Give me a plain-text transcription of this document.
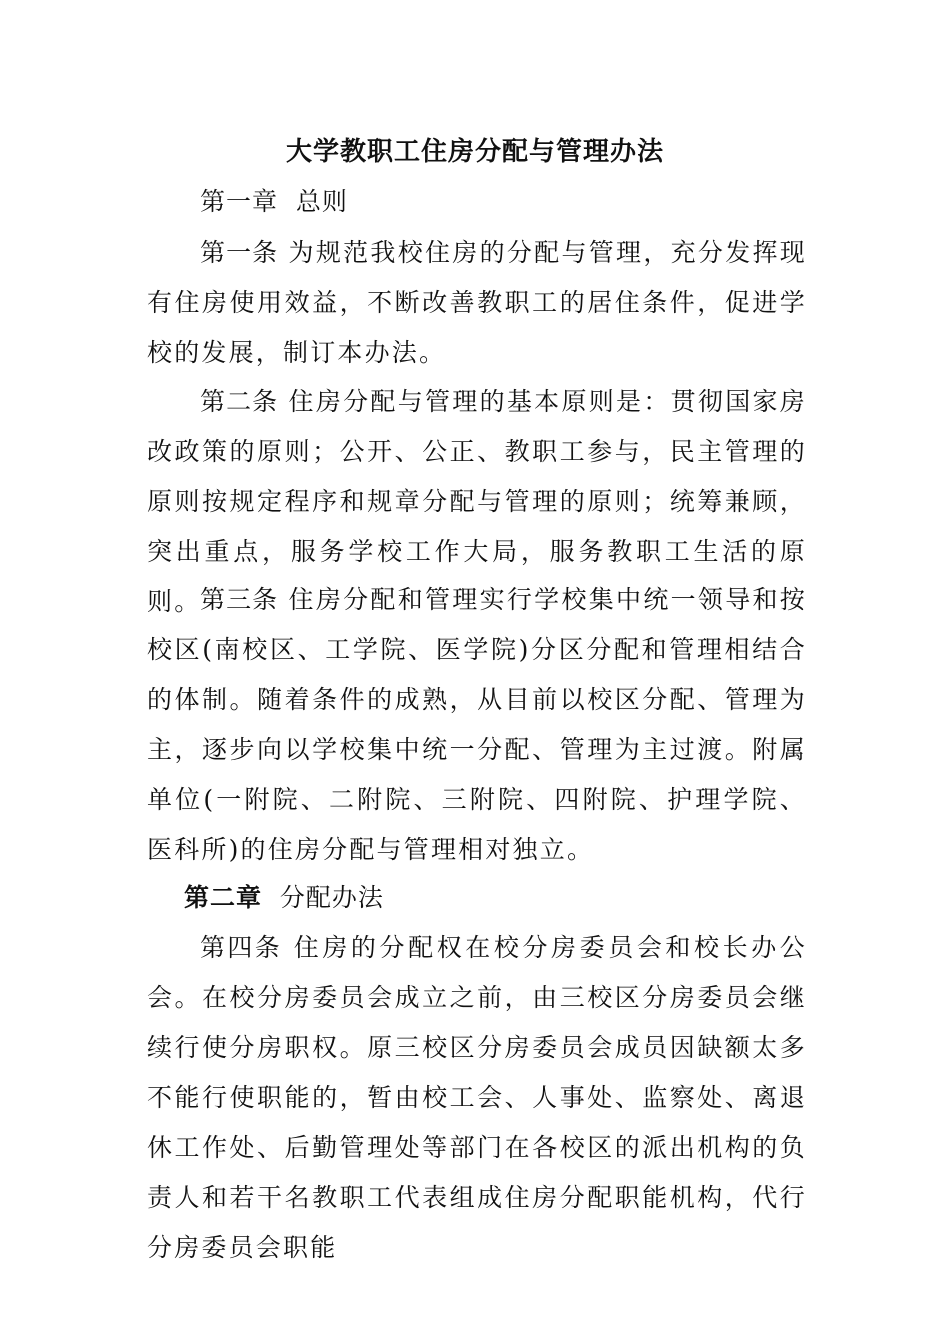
大学教职工住房分配与管理办法
第一章 总则
第一条 为规范我校住房的分配与管理，充分发挥现有住房使用效益，不断改善教职工的居住条件，促进学校的发展，制订本办法。
第二条 住房分配与管理的基本原则是：贯彻国家房改政策的原则；公开、公正、教职工参与，民主管理的原则按规定程序和规章分配与管理的原则；统筹兼顾，突出重点，服务学校工作大局，服务教职工生活的原则。
第三条 住房分配和管理实行学校集中统一领导和按校区(南校区、工学院、医学院)分区分配和管理相结合的体制。随着条件的成熟，从目前以校区分配、管理为主，逐步向以学校集中统一分配、管理为主过渡。附属单位(一附院、二附院、三附院、四附院、护理学院、医科所)的住房分配与管理相对独立。
第二章 分配办法
第四条 住房的分配权在校分房委员会和校长办公会。在校分房委员会成立之前，由三校区分房委员会继续行使分房职权。原三校区分房委员会成员因缺额太多不能行使职能的，暂由校工会、人事处、监察处、离退休工作处、后勤管理处等部门在各校区的派出机构的负责人和若干名教职工代表组成住房分配职能机构，代行分房委员会职能
